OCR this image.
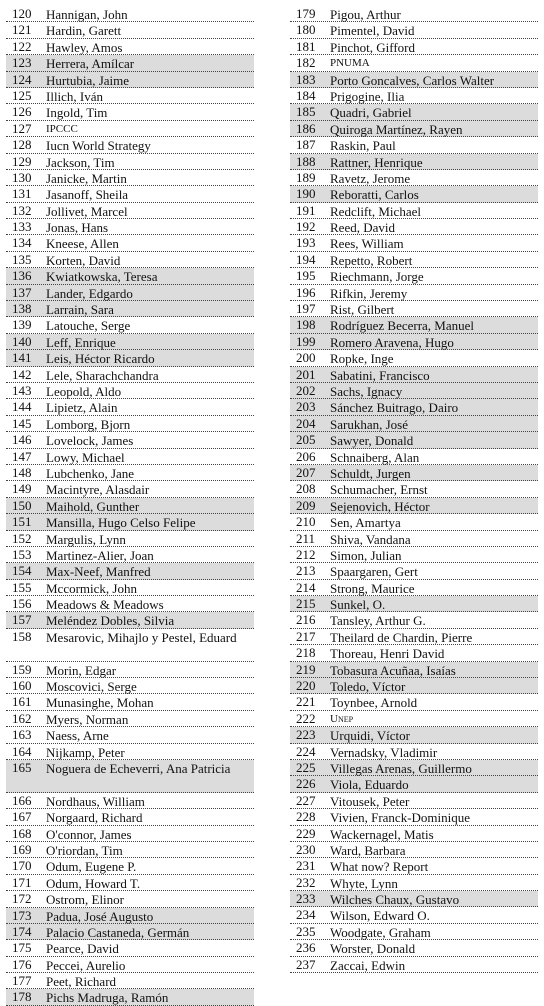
120	Hannigan, John
121	Hardin, Garett
122	Hawley, Amos
123	Herrera, Amílcar
124	Hurtubia, Jaime
125	Illich, Iván
126	Ingold, Tim
127	IPCCC
128	Iucn World Strategy
129	Jackson, Tim
130	Janicke, Martin
131	Jasanoff, Sheila
132	Jollivet, Marcel
133	Jonas, Hans
134	Kneese, Allen
135	Korten, David
136	Kwiatkowska, Teresa
137	Lander, Edgardo
138	Larrain, Sara
139	Latouche, Serge
140	Leff, Enrique
141	Leis, Héctor Ricardo
142	Lele, Sharachchandra
143	Leopold, Aldo
144	Lipietz, Alain
145	Lomborg, Bjorn
146	Lovelock, James
147	Lowy, Michael
148	Lubchenko, Jane
149	Macintyre, Alasdair
150	Maihold, Gunther
151	Mansilla, Hugo Celso Felipe
152	Margulis, Lynn
153	Martinez-Alier, Joan
154	Max-Neef, Manfred
155	Mccormick, John
156	Meadows & Meadows
157	Meléndez Dobles, Silvia
158	Mesarovic, Mihajlo y Pestel, Eduard
159	Morin, Edgar
160	Moscovici, Serge
161	Munasinghe, Mohan
162	Myers, Norman
163	Naess, Arne
164	Nijkamp, Peter
165	Noguera de Echeverri, Ana Patricia
166	Nordhaus, William
167	Norgaard, Richard
168	O'connor, James
169	O'riordan, Tim
170	Odum, Eugene P.
171	Odum, Howard T.
172	Ostrom, Elinor
173	Padua, José Augusto
174	Palacio Castaneda, Germán
175	Pearce, David
176	Peccei, Aurelio
177	Peet, Richard
178	Pichs Madruga, Ramón
179	Pigou, Arthur
180	Pimentel, David
181	Pinchot, Gifford
182	PNUMA
183	Porto Goncalves, Carlos Walter
184	Prigogine, Ilia
185	Quadri, Gabriel
186	Quiroga Martínez, Rayen
187	Raskin, Paul
188	Rattner, Henrique
189	Ravetz, Jerome
190	Reboratti, Carlos
191	Redclift, Michael
192	Reed, David
193	Rees, William
194	Repetto, Robert
195	Riechmann, Jorge
196	Rifkin, Jeremy
197	Rist, Gilbert
198	Rodríguez Becerra, Manuel
199	Romero Aravena, Hugo
200	Ropke, Inge
201	Sabatini, Francisco
202	Sachs, Ignacy
203	Sánchez Buitrago, Dairo
204	Sarukhan, José
205	Sawyer, Donald
206	Schnaiberg, Alan
207	Schuldt, Jurgen
208	Schumacher, Ernst
209	Sejenovich, Héctor
210	Sen, Amartya
211	Shiva, Vandana
212	Simon, Julian
213	Spaargaren, Gert
214	Strong, Maurice
215	Sunkel, O.
216	Tansley, Arthur G.
217	Theilard de Chardin, Pierre
218	Thoreau, Henri David
219	Tobasura Acuñaa, Isaías
220	Toledo, Víctor
221	Toynbee, Arnold
222	Unep
223	Urquidi, Víctor
224	Vernadsky, Vladimir
225	Villegas Arenas, Guillermo
226	Viola, Eduardo
227	Vitousek, Peter
228	Vivien, Franck-Dominique
229	Wackernagel, Matis
230	Ward, Barbara
231	What now? Report
232	Whyte, Lynn
233	Wilches Chaux, Gustavo
234	Wilson, Edward O.
235	Woodgate, Graham
236	Worster, Donald
237	Zaccai, Edwin
